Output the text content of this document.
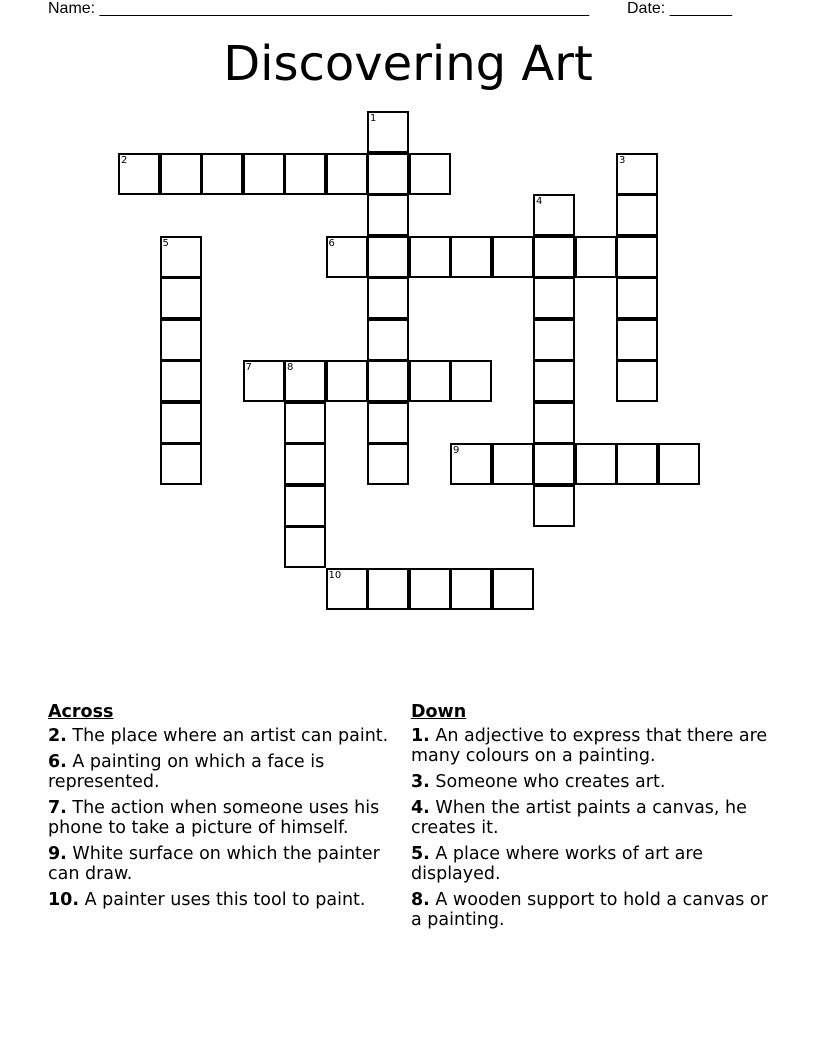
Name: _______________________________________________________ Date: _______
Discovering Art
1
2	3
4
5	6
7	8
9
10
Across
2. The place where an artist can paint.
6. A painting on which a face is represented.
7. The action when someone uses his phone to take a picture of himself.
9. White surface on which the painter can draw.
10. A painter uses this tool to paint.
Down
1. An adjective to express that there are many colours on a painting.
3. Someone who creates art.
4. When the artist paints a canvas, he creates it.
5. A place where works of art are displayed.
8. A wooden support to hold a canvas or a painting.
